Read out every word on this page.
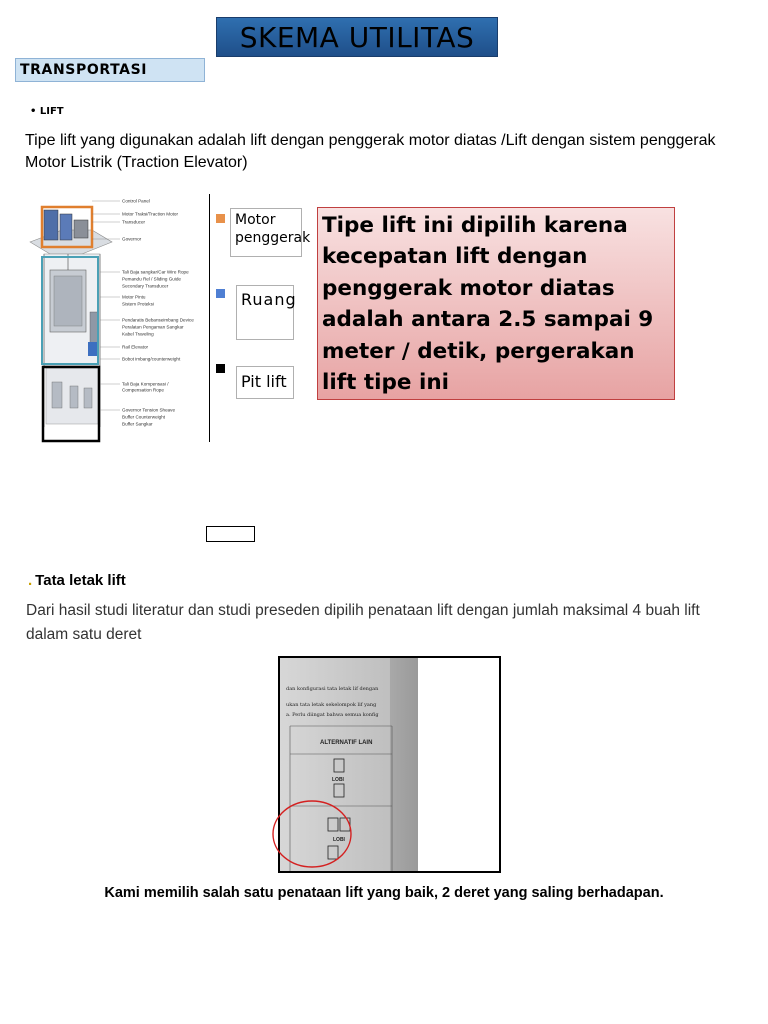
SKEMA UTILITAS
TRANSPORTASI
• LIFT
Tipe lift yang digunakan adalah lift dengan penggerak motor diatas /Lift dengan sistem penggerak Motor Listrik (Traction Elevator)
Control Panel
Motor Traksi/Traction Motor
Transducer
Governor
Tali Baja sangkar/Car Wire Rope
Pemandu Rel / Sliding Guide
Secondary Transducer
Motor Pintu
Sistem Proteksi
Pendaratis Bebanseimbang Device
Peralatan Pengaman Sangkar
Kabel Traveling
Rail Elevator
Bobot imbang/counterweight
Tali Baja Kompensasi /
Compensation Rope
Governor Tension Sheave
Buffer Counterweight
Buffer Sangkar
Motor penggerak
Ruang
Pit lift
Tipe lift ini dipilih karena kecepatan lift dengan penggerak motor diatas adalah antara 2.5 sampai 9 meter / detik, pergerakan lift tipe ini
. Tata letak lift
Dari hasil studi literatur dan studi preseden dipilih penataan lift dengan jumlah maksimal 4 buah lift dalam satu deret
dan konfigurasi tata letak lif dengan
ukan tata letak sekelompok lif yang
a. Perlu diingat bahwa semua konfig
ALTERNATIF LAIN
LOBI
LOBI
Kami memilih salah satu penataan lift yang baik, 2 deret yang saling berhadapan.
